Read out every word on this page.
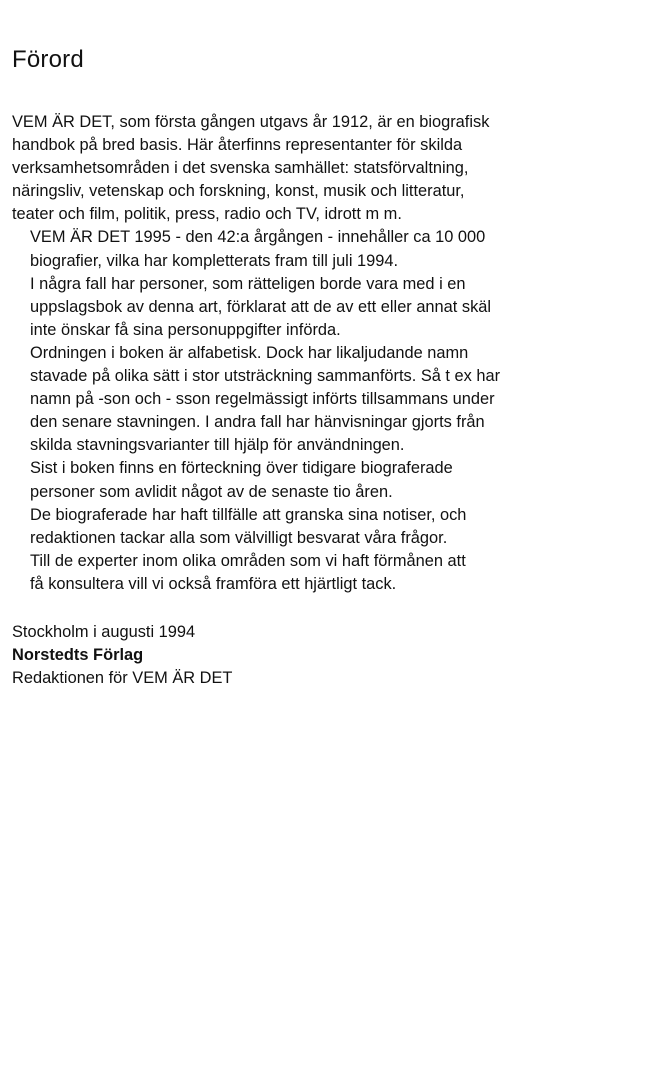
Förord

VEM ÄR DET, som första gången utgavs år 1912, är en biografisk
handbok på bred basis. Här återfinns representanter för skilda
verksamhetsområden i det svenska samhället: statsförvaltning,
näringsliv, vetenskap och forskning, konst, musik och litteratur,
teater och film, politik, press, radio och TV, idrott m m.

VEM ÄR DET 1995 - den 42:a årgången - innehåller ca 10 000
biografier, vilka har kompletterats fram till juli 1994.

I några fall har personer, som rätteligen borde vara med i en
uppslagsbok av denna art, förklarat att de av ett eller annat skäl
inte önskar få sina personuppgifter införda.

Ordningen i boken är alfabetisk. Dock har likaljudande namn
stavade på olika sätt i stor utsträckning sammanförts. Så t ex har
namn på -son och - sson regelmässigt införts tillsammans under
den senare stavningen. I andra fall har hänvisningar gjorts från
skilda stavningsvarianter till hjälp för användningen.

Sist i boken finns en förteckning över tidigare biograferade
personer som avlidit något av de senaste tio åren.

De biograferade har haft tillfälle att granska sina notiser, och
redaktionen tackar alla som välvilligt besvarat våra frågor.

Till de experter inom olika områden som vi haft förmånen att
få konsultera vill vi också framföra ett hjärtligt tack.

Stockholm i augusti 1994
Norstedts Förlag
Redaktionen för VEM ÄR DET
